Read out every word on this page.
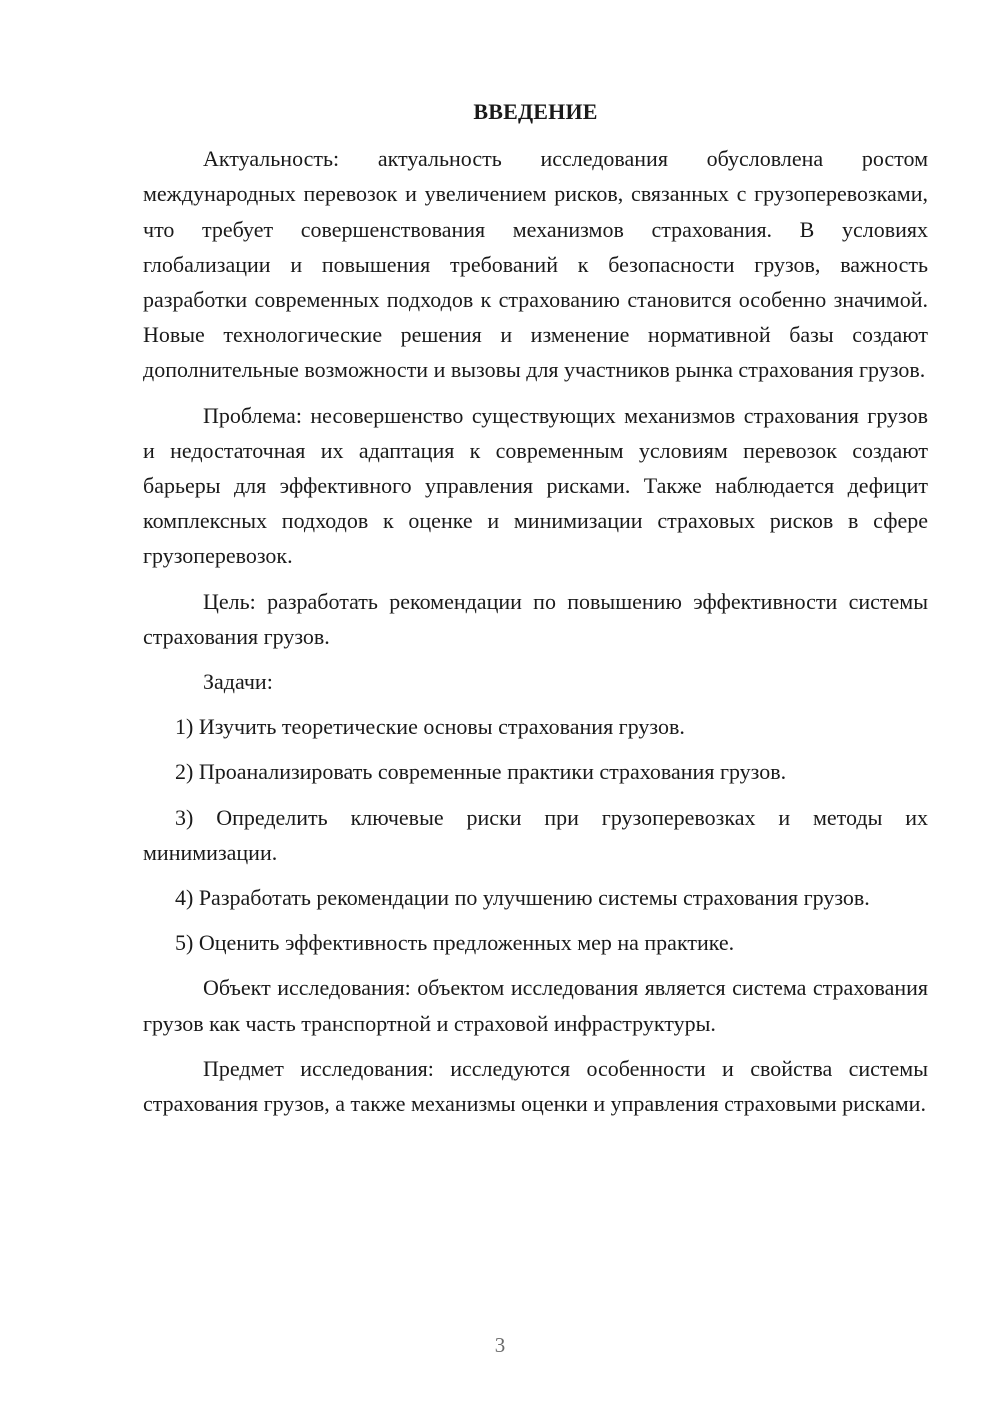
ВВЕДЕНИЕ

Актуальность: актуальность исследования обусловлена ростом международных перевозок и увеличением рисков, связанных с грузоперевозками, что требует совершенствования механизмов страхования. В условиях глобализации и повышения требований к безопасности грузов, важность разработки современных подходов к страхованию становится особенно значимой. Новые технологические решения и изменение нормативной базы создают дополнительные возможности и вызовы для участников рынка страхования грузов.

Проблема: несовершенство существующих механизмов страхования грузов и недостаточная их адаптация к современным условиям перевозок создают барьеры для эффективного управления рисками. Также наблюдается дефицит комплексных подходов к оценке и минимизации страховых рисков в сфере грузоперевозок.

Цель: разработать рекомендации по повышению эффективности системы страхования грузов.

Задачи:

1) Изучить теоретические основы страхования грузов.

2) Проанализировать современные практики страхования грузов.

3) Определить ключевые риски при грузоперевозках и методы их минимизации.

4) Разработать рекомендации по улучшению системы страхования грузов.

5) Оценить эффективность предложенных мер на практике.

Объект исследования: объектом исследования является система страхования грузов как часть транспортной и страховой инфраструктуры.

Предмет исследования: исследуются особенности и свойства системы страхования грузов, а также механизмы оценки и управления страховыми рисками.

3
